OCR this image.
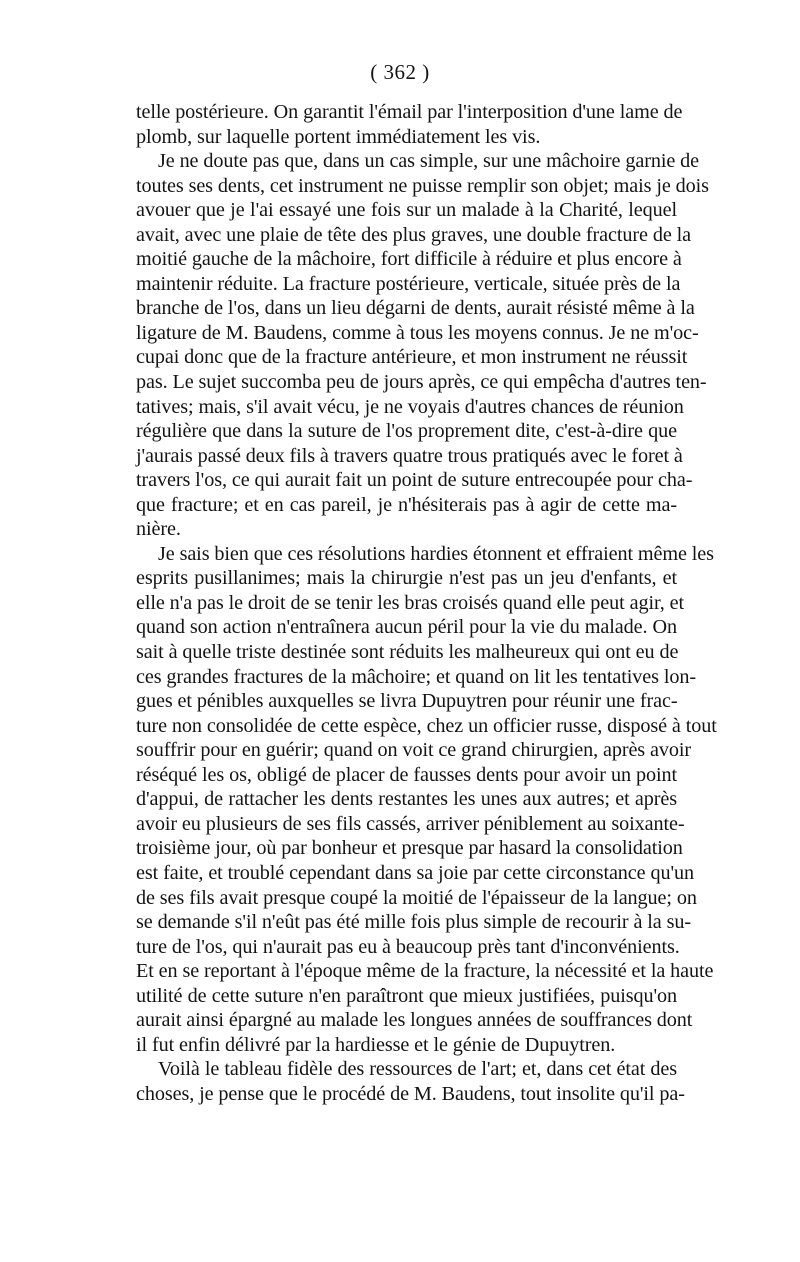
( 362 )
telle postérieure. On garantit l'émail par l'interposition d'une lame de
plomb, sur laquelle portent immédiatement les vis.
Je ne doute pas que, dans un cas simple, sur une mâchoire garnie de
toutes ses dents, cet instrument ne puisse remplir son objet; mais je dois
avouer que je l'ai essayé une fois sur un malade à la Charité, lequel
avait, avec une plaie de tête des plus graves, une double fracture de la
moitié gauche de la mâchoire, fort difficile à réduire et plus encore à
maintenir réduite. La fracture postérieure, verticale, située près de la
branche de l'os, dans un lieu dégarni de dents, aurait résisté même à la
ligature de M. Baudens, comme à tous les moyens connus. Je ne m'oc-
cupai donc que de la fracture antérieure, et mon instrument ne réussit
pas. Le sujet succomba peu de jours après, ce qui empêcha d'autres ten-
tatives; mais, s'il avait vécu, je ne voyais d'autres chances de réunion
régulière que dans la suture de l'os proprement dite, c'est-à-dire que
j'aurais passé deux fils à travers quatre trous pratiqués avec le foret à
travers l'os, ce qui aurait fait un point de suture entrecoupée pour cha-
que fracture; et en cas pareil, je n'hésiterais pas à agir de cette ma-
nière.
Je sais bien que ces résolutions hardies étonnent et effraient même les
esprits pusillanimes; mais la chirurgie n'est pas un jeu d'enfants, et
elle n'a pas le droit de se tenir les bras croisés quand elle peut agir, et
quand son action n'entraînera aucun péril pour la vie du malade. On
sait à quelle triste destinée sont réduits les malheureux qui ont eu de
ces grandes fractures de la mâchoire; et quand on lit les tentatives lon-
gues et pénibles auxquelles se livra Dupuytren pour réunir une frac-
ture non consolidée de cette espèce, chez un officier russe, disposé à tout
souffrir pour en guérir; quand on voit ce grand chirurgien, après avoir
réséqué les os, obligé de placer de fausses dents pour avoir un point
d'appui, de rattacher les dents restantes les unes aux autres; et après
avoir eu plusieurs de ses fils cassés, arriver péniblement au soixante-
troisième jour, où par bonheur et presque par hasard la consolidation
est faite, et troublé cependant dans sa joie par cette circonstance qu'un
de ses fils avait presque coupé la moitié de l'épaisseur de la langue; on
se demande s'il n'eût pas été mille fois plus simple de recourir à la su-
ture de l'os, qui n'aurait pas eu à beaucoup près tant d'inconvénients.
Et en se reportant à l'époque même de la fracture, la nécessité et la haute
utilité de cette suture n'en paraîtront que mieux justifiées, puisqu'on
aurait ainsi épargné au malade les longues années de souffrances dont
il fut enfin délivré par la hardiesse et le génie de Dupuytren.
Voilà le tableau fidèle des ressources de l'art; et, dans cet état des
choses, je pense que le procédé de M. Baudens, tout insolite qu'il pa-
